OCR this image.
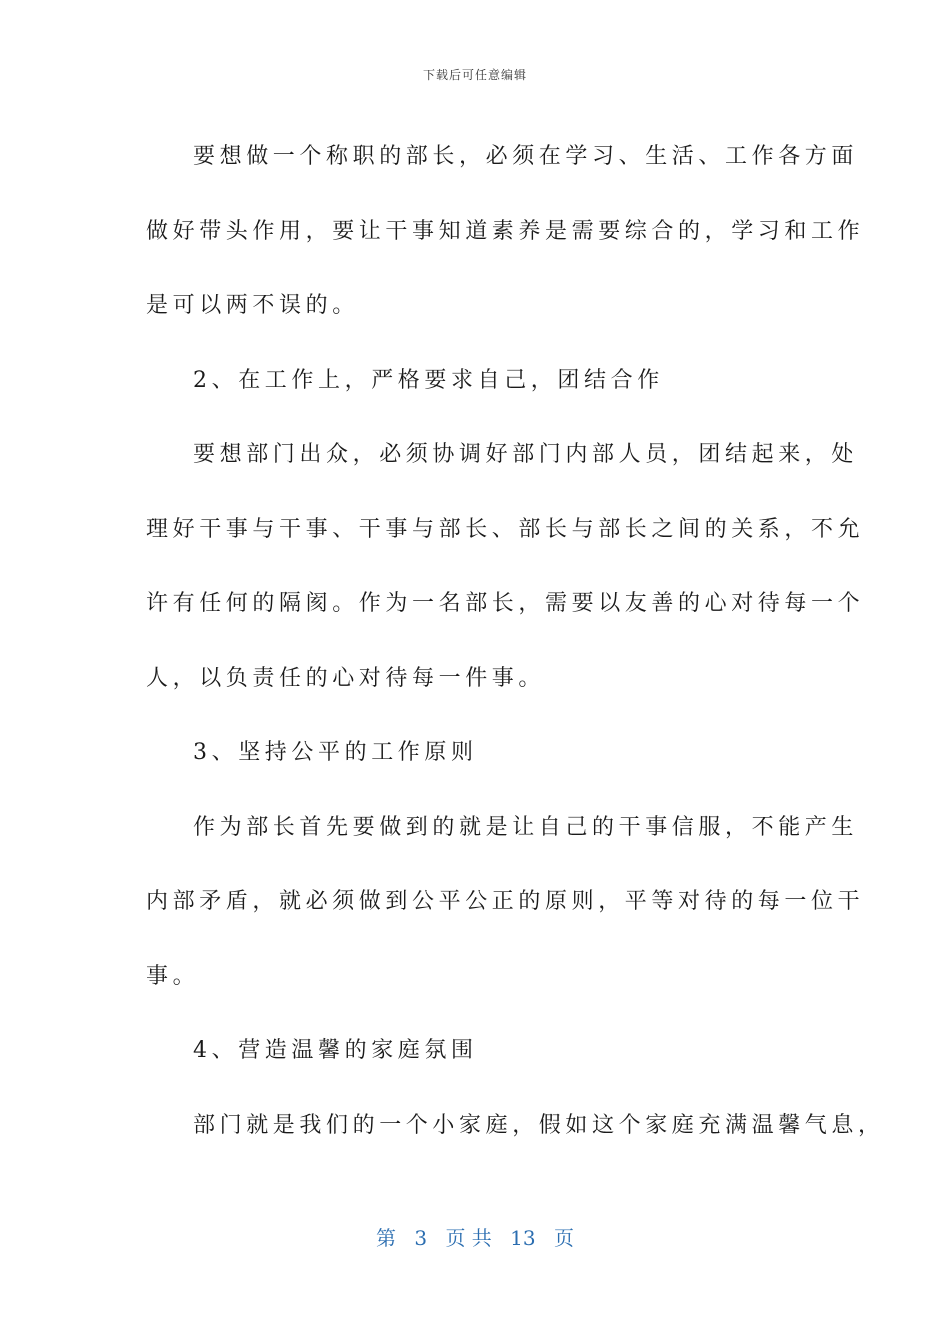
下载后可任意编辑
要想做一个称职的部长，必须在学习、生活、工作各方面
做好带头作用，要让干事知道素养是需要综合的，学习和工作
是可以两不误的。
2、在工作上，严格要求自己，团结合作
要想部门出众，必须协调好部门内部人员，团结起来，处
理好干事与干事、干事与部长、部长与部长之间的关系，不允
许有任何的隔阂。作为一名部长，需要以友善的心对待每一个
人，以负责任的心对待每一件事。
3、坚持公平的工作原则
作为部长首先要做到的就是让自己的干事信服，不能产生
内部矛盾，就必须做到公平公正的原则，平等对待的每一位干
事。
4、营造温馨的家庭氛围
部门就是我们的一个小家庭，假如这个家庭充满温馨气息，
第 3 页 共 13 页
